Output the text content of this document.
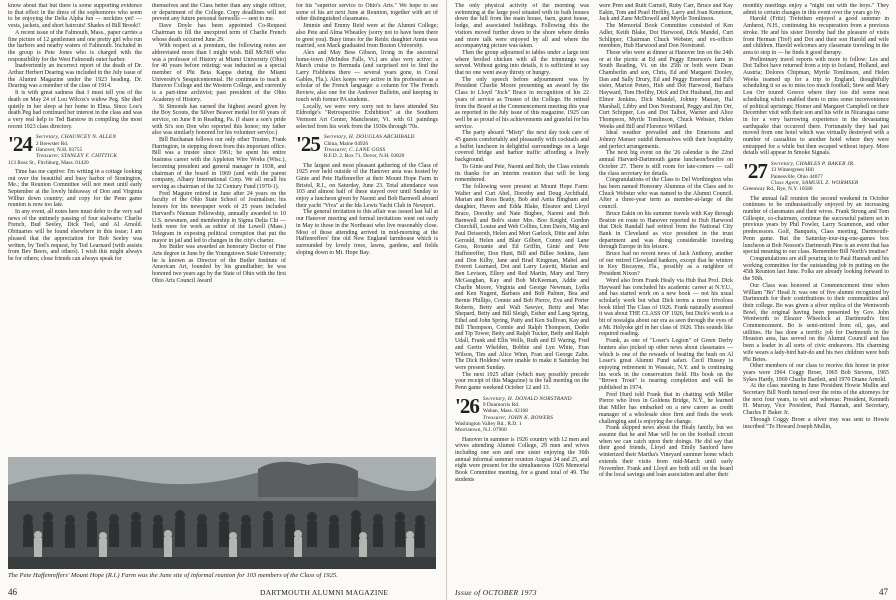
know about that but there is some supporting evidence to that effect in the dress of the sophomores who seem to be enjoying the Delta Alpha fun — neckties yet! — vests, jackets, and short haircuts! Shades of Bill Brook!!

A recent issue of the Falmouth, Mass., paper carries a fine picture of 12 gentlemen and one pretty girl who run the harbors and nearby waters of Falmouth. Included in the group is Pete Jones who is charged with the responsibility for the West Falmouth outer harbor.

Inadvertently an incorrect report of the death of Dr. Arthur Herbert Dearing was included in the July issue of the Alumni Magazine under the 1923 heading. Dr. Dearing was a member of the class of 1914.

It is with great sadness that I must tell you of the death on May 24 of Lou Wilcox's widow Peg. She died quietly in her sleep at her home in Elma. Since Lou's death Peg had continued her interest in the class and was a very real help to Ted Barstow in compiling the most recent 1923 class directory.

'24 Secretary, CHAUNCEY N. ALLEN
2 Brewster Rd.
Hanover, N.H. 03755
Treasurer, STANLEY F. CHITTICK
113 Ross St., Fitchburg, Mass. 01420

Time has me captive: I'm writing in a cottage looking out over the beautiful and busy harbor of Stonington, Me.; the Reunion Committee will not meet until early September at the lovely hideaway of Don and Virginia Wilbur down country; and copy for the Penn game reunion is now too late.

In any event, all notes here must defer to the very sad news of the untimely passing of four stalwarts: Charlie French, Bud Seeley, Dick Teel, and Al Arnold. Obituaries will be found elsewhere in this issue; I am pleased that the appreciation for Bob Seeley was written, by Teel's request, by Ted Learnard (with assists from Bev Beers, and others). I wish this might always be for others; close friends can always speak for

themselves and the Class better than any single officer, or department of the College. Copy deadlines will not prevent any future personal farewells — sent to me.

Dave Doyle has been appointed Co-Request Chairman to fill the unexpired term of Charlie French whose death occurred June 29.

With respect at a premium, the following notes are abbreviated more than I might wish. Bill McNiff who was a professor of History at Miami University (Ohio) for 40 years before retiring; was inducted as a special member of Phi Beta Kappa during the Miami University's Sesquicentennial. He continues to teach at Hanover College and the Western College, and currently is a part-time archivist; past president of the Ohio Academy of History.

Si Simonds has earned the highest award given by the Boy Scouts, the Silver Beaver medal for 60 years of service, on June 8 in Reading, Pa. (I share a son's pride with Si's son Don who reported this honor; my father also was similarly honored for his volunteer service.)

Bill Buchanan follows our only other Trustee, Frank Harrington, in stepping down from this important office. Bill was a trustee since 1961; he spent his entire business career with the Appleton Wire Works (Wisc.), becoming president and general manager in 1938, and chairman of the board in 1969 (and with the parent company, Albany International Corp. We all recall his serving as chairman of the 32 Century Fund (1970-1).

Fred Maguire retired in June after 24 years on the faculty of the Ohio State School of Journalism; his honors for his newspaper work of 25 years included Harvard's Nieman Fellowship, annually awarded to 10 U.S. newsmen, and membership in Sigma Delta Chi — both were for work as editor of the Lowell (Mass.) Telegram in exposing political corruption that put the mayor in jail and led to changes in the city's charter.

Joe Butler was awarded an honorary Doctor of Fine Arts degree in June by the Youngstown State University; he is known as Director of the Butler Institute of American Art, founded by his grandfather; he was honored two years ago by the State of Ohio with the first Ohio Arts Council Award

for his "superior service to Ohio's Arts." We hope to see some of his art next June at Reunion, together with art of other distinguished classmates.

Jimmie and Emmy Reid were at the Alumni College; also Pete and Alma Wheatley (sorry not to have been there to greet you). Busy times for the Reids: daughter Annie was married, son Mack graduated from Boston University.

Alex and May Bess Gibson, living in the ancestral home-town (McIndoe Falls, Vt.) are also very active: a March cruise to Bermuda (and surprised not to find the Larry Fishbeins there — several years gone, to Coral Gables, Fla.). Alex keeps very active in his profession as a scholar of the French language: a column for The French Review, also one for the Andover Bulletin, and keeping in touch with former PA students.

Locally, we were very sorry not to have attended Stu Eldredge's "Retrospective Exhibition" at the Southern Vermont Art Center, Manchester, Vt. with 61 paintings selected from his work from the 1930s through '70s.

'25 Secretary, H. DOUGLAS ARCHIBALD
China, Maine 04926
Treasurer, C. LANE GOSS
R.F.D. 2, Box 71, Dover, N.H. 03820

The largest and most pleasant gathering of the Class of 1925 ever held outside of the Hanover area was hosted by Ginie and Pete Haffenreffer at their Mount Hope Farm in Bristol, R.I., on Saturday, June 23. Total attendance was 103 and almost half of these stayed over until Sunday to enjoy a luncheon given by Naomi and Bob Barnwell aboard their yacht "Viva" at the Ida Lewis Yacht Club in Newport.

The general invitation to this affair was issued last fall at our Hanover meeting and formal invitations went out early in May to those in the Northeast who live reasonably close. Most of those attending arrived in mid-morning at the Haffenreffers' fine old New England farmhouse which is surrounded by lovely trees, lawns, gardens, and fields sloping down to Mt. Hope Bay.

The Pete Haffenreffers' Mount Hope (R.I.) Farm was the June site of informal reunion for 103 members of the Class of 1925.
46	DARTMOUTH ALUMNI MAGAZINE

The only physical activity of the morning was swimming at the large pool situated with its bath houses down the hill from the main house, barn, guest house, lodge, and associated buildings. Following this the visitors moved further down to the shore where drinks and more talk were enjoyed by all and where the accompanying picture was taken.

Then the group adjourned to tables under a large tent where broiled chicken with all the trimmings was served. Without going into details, it is sufficient to say that no one went away thirsty or hungry.

The only speech before adjournment was by President Charlie Moore presenting an award by the Class to Lloyd "Jock" Brace in recognition of his 22 years of service as Trustee of the College. He retired from the Board at the Commencement meeting this year as reported in the July issue of this magazine. 1925 can well be as proud of his achievements and grateful for his service.

The party aboard "Misty" the next day took care of 45 guests comfortably and pleasantly with cocktails and a buffet luncheon in delightful surroundings on a large covered bridge and harbor traffic affording a lively background.

To Ginie and Pete, Naomi and Bob, the Class extends its thanks for an interim reunion that will be long remembered.

The following were present at Mount Hope Farm: Walter and Curt Abel, Dorothy and Doug Archibald, Marian and Ross Beatty, Bob and Anita Bingham and daughter, Haven and Edda Blake, Eleanor and Lloyd Brace, Dorothy and Nate Bugbee, Naomi and Bob Barnwell and Bob's sister Mrs. Boo Knight, Gordon Churchill, Louise and Web Collins, Linn Davis, Mig and Paul Deissroth, Helen and Mort Garlock, Ditte and John Gerould, Helen and Blair Gilbert, Conny and Lane Goss, Roxanie and Ed Griffin, Ginie and Pete Haffenreffer, Don Hunt, Bill and Billee Jenkins, Jane and Don Kilby, Jane and Brad Kingman, Mabel and Everett Learnard, Dot and Larry Leavitt, Marian and Ben Levison, Ellery and Red Martin, Mary and Terry McGaughan, Kay and Bob McKeeman, Addie and Charlie Moore, Virginia and George Newman, Lydia and Ken Nugent, Barbara and Bob Palmer, Bea and Bernie Phillips, Connie and Bob Pierce, Eva and Porter Roberts, Betty and Walt Sawyer, Betty and Mac Shepard, Betty and Bill Sleigh, Esther and Lang Spring, Ethel and John Spring, Patty and Ken Sullivan, Kay and Bill Thompson, Connie and Ralph Thompson, Dodie and Tip Tower, Betty and Ralph Tucker, Betty and Ralph Udall, Frank and Ellis Wells, Ruth and El Waring, Fred and Gertie Whelden, Bobbie and Lyn White, Fran Wilson, Tim and Alice Winn, Fran and George Zahn. The Dick Holdens' were unable to make it Saturday but were present Sunday.

The next 1925 affair (which may possibly precede your receipt of this Magazine) is the fall meeting on the Penn game weekend October 12 and 13.

'26 Secretary, H. DONALD NORSTRAND
9 Dunmorris Rd.
Waban, Mass. 02168
Treasurer, JOHN K. BOWERS
Washington Valley Rd., R.D. 1
Morristown, N.J. 07960

Hanover in summer is 1926 country with 12 men and wives attending Alumni College, 29 men and wives including one son and one sister enjoying the 36th annual informal summer reunion August 24 and 25, and eight were present for the simultaneous 1926 Memorial Book Committee meeting, for a grand total of 49. The students

were Pren and Ruth Carnell, Ruby Carr, Bruce and Kay Eakin, Tom and Pearl Herlihy, Larry and Joan Kennison, Jack and Zane McDowell and Myrtle Tomlinson.

The Memorial Book Committee consisted of Ken Adler, Keith Blake, Dot Harwood, Dick Mandel, Curt Schlipper, Chairman Chuck Webster, and ex-officio members, Hub Harwood and Don Norstrand.

Those who were at dinner at Hanover Inn on the 24th or at the picnic at Ed and Peggy Emerson's farm in South Reading, Vt. on the 25th or both were Dean Chamberlin and son, Chris, Ed and Margaret Dooley, Dan and Sally Drury, Ed and Peggy Emerson and Ed's sister, Marion Peters, Hub and Dot Harwood, Barbara Hayward, Tom Herlihy, Dick and Dot Husband, Jim and Elinor Jenkins, Dick Mandel, Johnny Manser, Hal Marshall, Libby and Don Norstrand, Peggy and Jim Orr, Curt Schipper, Les and Dot Talbot, Warner and Alice Thompson, Myrtle Tomlinson, Chuck Webster, Helen Weeks and Bill and Florence Willard.

Ideal weather prevailed and the Emersons and Johnny Manser outdid themselves with their hospitality and perfect arrangements.

The next big event on the '26 calendar is the 22nd annual Harvard-Dartmouth game luncheon/bonfire on October 27. There is still room for late-comers — call the class secretary for details.

Congratulations of the Class to Del Worthington who has been named Honorary Alumnus of the Class and to Chuck Webster who was named to the Alumni Council. After a three-year term as member-at-large of the council.

Bruce Eakin on his summer travels with Kay through Boston en route to Hanover reported to Hub Harwood that Dick Randall had retired from the National City Bank in Cleveland as vice president in the trust department and was doing considerable traveling through Europe in his leisure.

Bruce had no recent news of Jack Anthony, another of our retired Cleveland bankers, except that he winters in Key Biscayne, Fla., possibly as a neighbor of President Nixon?

Word also from Frank Healy via Hub that Prof. Dick Hayward has concluded his academic career at N.Y.U., and has started work on a new book — not his usual scholarly work but what Dick terms a more frivolous book titled The Class of 1926. Frank naturally assumed it was about THE CLASS OF 1926, but Dick's work is a bit of nostalgia about our era as seen through the eyes of a Mt. Holyoke girl in her class of 1926. This sounds like required reading.

Frank, as one of "Loser's Legion" of Green Derby hunters also picked up other news about classmates — which is one of the rewards of beating the bush on Al Loser's great Alumni Fund safari. Cecil Hussey is enjoying retirement in Wassaic, N.Y. and is continuing his work in the conservation field. His book on the "Brown Trout" is nearing completion and will be published in 1974.

Fred Hurd told Frank that in chatting with Miller Pierce who lives in Goldens Bridge, N.Y., he learned that Miller has embarked on a new career as credit manager of a wholesale shoe firm and finds the work challenging and is enjoying the change.

Frank skipped news about the Healy family, but we assume that he and Mae will be on the football circuit when we can catch upon their doings. He did say that their good friends, Lloyd and Emily Sanford have winterized their Martha's Vineyard summer home which extends their visits from mid-March until early November. Frank and Lloyd are both still on the board of the local savings and loan association and after their

monthly meetings enjoy a "night out with the boys." They admit to certain changes in this event over the years go by.

Harold (Fritz) Trefethen enjoyed a good summer in Amherst, N.H., continuing his recuperation from a previous stroke. He and his sister Dorothy had the pleasure of visits from Herman (Tref) and Dot and their son Harold and wife and children. Harold welcomes any classmate traveling in the area to stop in — he finds it good therapy.

Preliminary travel reports with more to follow: Les and Dot Talbot have returned from a trip to Iceland, Holland, and Austria; Dolores Chipman, Myrtle Tomlinson, and Helen Weeks teamed up for a trip to England, thoughtfully scheduling it so as to miss too much football; Stew and Mary Lou Orr toured Greece where they too did some neat scheduling which enabled them to miss some inconvenience of political uprisings; Homer and Margaret Campbell on their December visit with their son and his wife in Nicaragua came in for a very harrowing experience in the devastating earthquake that occurred there. Fortunately they had just moved from one hotel which was virtually destroyed with a number of casualties to another hotel where they were entrapped for a while but then escaped without injury. More details will appear in Smoke Signals.

'27 Secretary, CHARLES P. BAKER JR.
13 Wintergreen Hill
Painesville, Ohio 44077
Class Agent, SAMUEL Z. WORMSER
Greenway Rd., Rye, N.Y. 10580

The annual fall reunion the second weekend in October continues to be enthusiastically enjoyed by an increasing number of classmates and their wives. Frank Strong and Tom Gillespie, co-chairmen, continue the successful pattern set in previous years by Phil Fowler, Larry Scammon, and other predecessors. Golf, Banquets, Class meeting, Dartmouth-Penn game. But the Saturday-tour-ing-one-games box luncheon at Bob Nesson's Dartmouth Pine is an event that has special meaning to our class. Remember Bill North's treatise?

Congratulations are still pouring in to Paul Hannah and his working committee for the outstanding job in putting on the 45th Reunion last June. Folks are already looking forward to the 50th.

Our Class was honored at Commencement time when William "Bo" Head Jr. was one of five alumni recognized by Dartmouth for their contributions to their communities and their college. Bo was given a silver replica of the Wentworth Bowl, the original having been presented by Gov. John Wentworth to Eleazer Wheelock at Dartmouth's first Commencement. Bo is semi-retired from oil, gas, and utilities. He has done a terrific job for Dartmouth in the Houston area, has served on the Alumni Council and has been a leader in all sorts of civic endeavors. His charming wife wears a lady-bird hair-do and his two children were both Phi Betes.

Other members of our class to receive this honor in prior years were 1964 Coggy Broer, 1965 Bob Stevens, 1965 Sykes Hardy, 1969 Charlie Bartlett, and 1970 Duane Arnold.

At the class meeting in June President Howie Mullin and Secretary Bill North turned over the reins of the attorneys for the next four years, to wit and whereas: President, Kenneth H. Murray, Vice President, Paul Hannah, and Secretary, Charles P. Baker Jr.

Through Coggy Broer a silver tray was sent to Howie inscribed "To Howard Joseph Mullin,

Issue of OCTOBER 1973	47
